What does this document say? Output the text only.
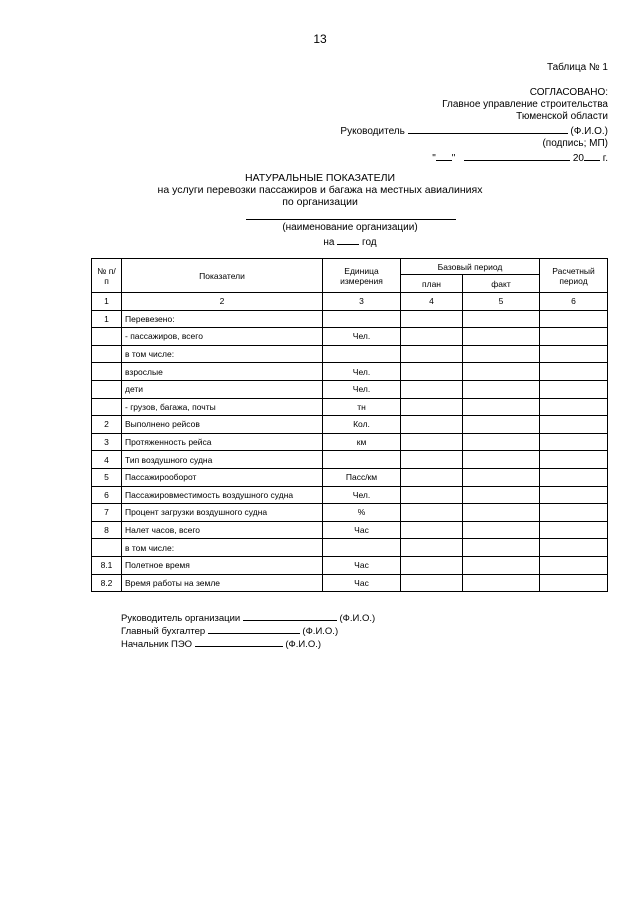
13
Таблица № 1
СОГЛАСОВАНО:
Главное управление строительства
Тюменской области
Руководитель	(Ф.И.О.)
(подпись; МП)
" "	20 г.
НАТУРАЛЬНЫЕ ПОКАЗАТЕЛИ
на услуги перевозки пассажиров и багажа на местных авиалиниях
по организации
(наименование организации)
на	год
№ п/п	Показатели	Единица измерения	Базовый период		Расчетный период
			план	факт	
1	2	3	4	5	6
1	Перевезено:				
	- пассажиров, всего	Чел.			
	в том числе:				
	взрослые	Чел.			
	дети	Чел.			
	- грузов, багажа, почты	тн			
2	Выполнено рейсов	Кол.			
3	Протяженность рейса	км			
4	Тип воздушного судна				
5	Пассажирооборот	Пасс/км			
6	Пассажировместимость воздушного судна	Чел.			
7	Процент загрузки воздушного судна	%			
8	Налет часов, всего	Час			
	в том числе:				
8.1	Полетное время	Час			
8.2	Время работы на земле	Час			
Руководитель организации	(Ф.И.О.)
Главный бухгалтер	(Ф.И.О.)
Начальник ПЭО	(Ф.И.О.)
